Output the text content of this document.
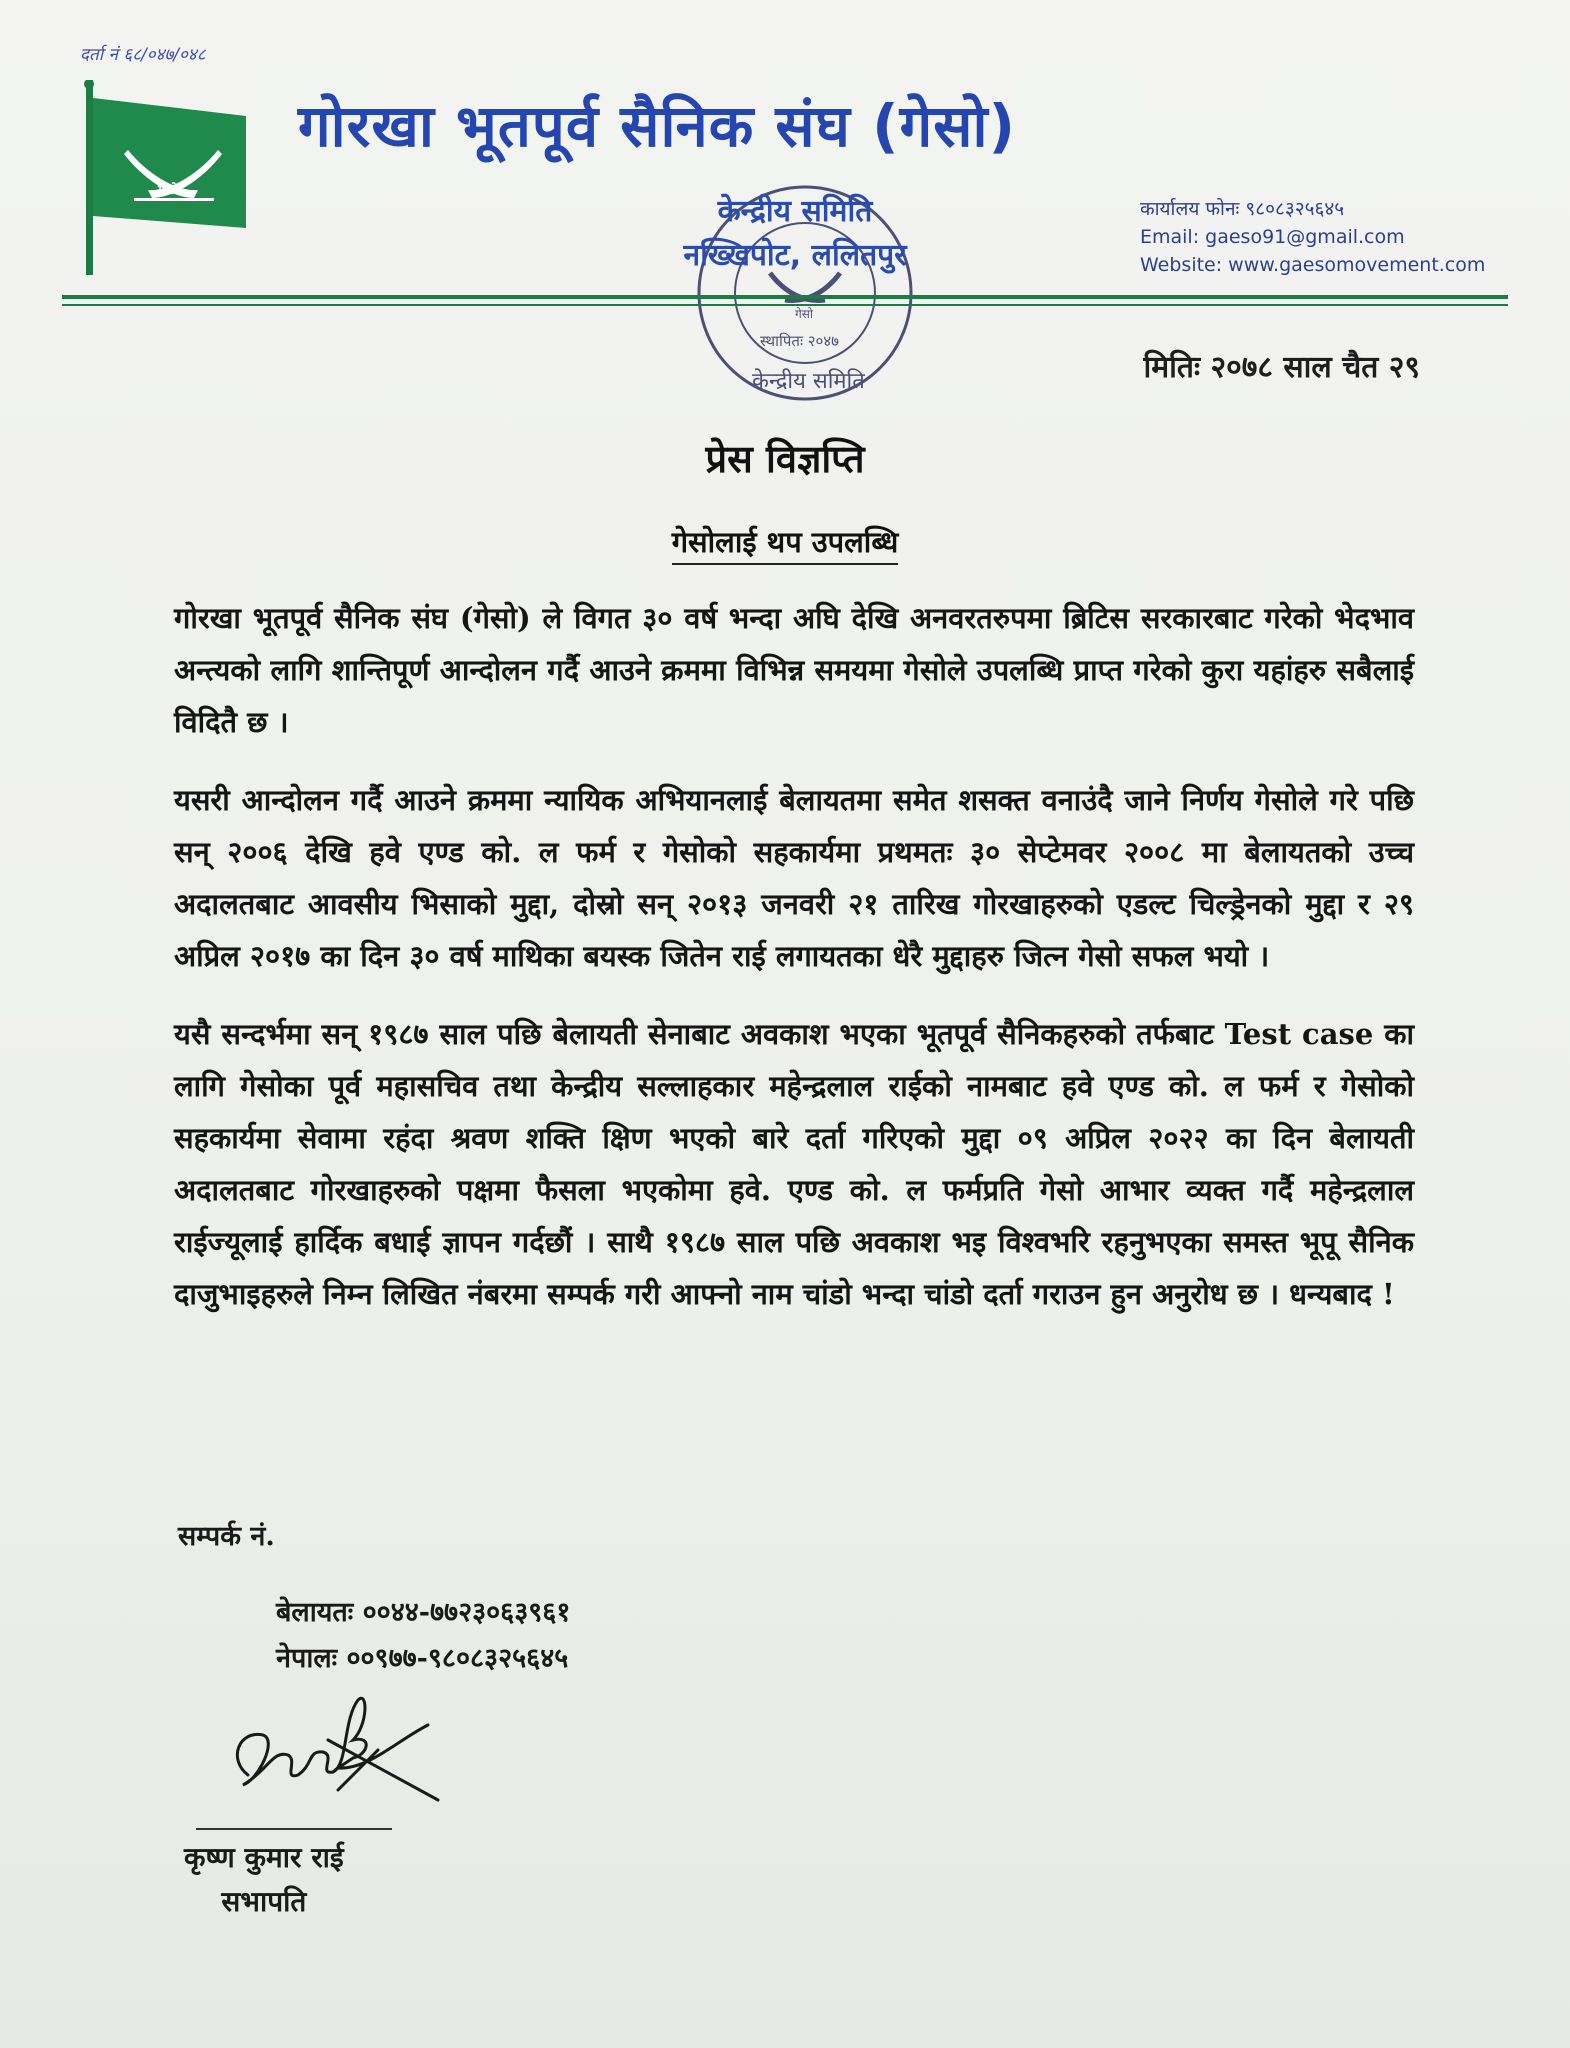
दर्ता नं ६८/०४७/०४८
गेसो
गोरखा भूतपूर्व सैनिक संघ (गेसो)
गेसो
स्थापितः २०४७
केन्द्रीय समिति
केन्द्रीय समिति
नख्खिपोट, ललितपुर
कार्यालय फोनः ९८०८३२५६४५
Email: gaeso91@gmail.com
Website: www.gaesomovement.com
मितिः २०७८ साल चैत २९
प्रेस विज्ञप्ति
गेसोलाई थप उपलब्धि

गोरखा भूतपूर्व सैनिक संघ (गेसो) ले विगत ३० वर्ष भन्दा अघि देखि अनवरतरुपमा ब्रिटिस सरकारबाट गरेको भेदभाव अन्त्यको लागि शान्तिपूर्ण आन्दोलन गर्दै आउने क्रममा विभिन्न समयमा गेसोले उपलब्धि प्राप्त गरेको कुरा यहांहरु सबैलाई विदितै छ ।

यसरी आन्दोलन गर्दै आउने क्रममा न्यायिक अभियानलाई बेलायतमा समेत शसक्त वनाउंदै जाने निर्णय गेसोले गरे पछि सन् २००६ देखि हवे एण्ड को. ल फर्म र गेसोको सहकार्यमा प्रथमतः ३० सेप्टेमवर २००८ मा बेलायतको उच्च अदालतबाट आवसीय भिसाको मुद्दा, दोस्रो सन् २०१३ जनवरी २१ तारिख गोरखाहरुको एडल्ट चिल्ड्रेनको मुद्दा र २९ अप्रिल २०१७ का दिन ३० वर्ष माथिका बयस्क जितेन राई लगायतका धेरै मुद्दाहरु जित्न गेसो सफल भयो ।

यसै सन्दर्भमा सन् १९८७ साल पछि बेलायती सेनाबाट अवकाश भएका भूतपूर्व सैनिकहरुको तर्फबाट Test case का लागि गेसोका पूर्व महासचिव तथा केन्द्रीय सल्लाहकार महेन्द्रलाल राईको नामबाट हवे एण्ड को. ल फर्म र गेसोको सहकार्यमा सेवामा रहंदा श्रवण शक्ति क्षिण भएको बारे दर्ता गरिएको मुद्दा ०९ अप्रिल २०२२ का दिन बेलायती अदालतबाट गोरखाहरुको पक्षमा फैसला भएकोमा हवे. एण्ड को. ल फर्मप्रति गेसो आभार व्यक्त गर्दै महेन्द्रलाल राईज्यूलाई हार्दिक बधाई ज्ञापन गर्दछौं । साथै १९८७ साल पछि अवकाश भइ विश्वभरि रहनुभएका समस्त भूपू सैनिक दाजुभाइहरुले निम्न लिखित नंबरमा सम्पर्क गरी आफ्नो नाम चांडो भन्दा चांडो दर्ता गराउन हुन अनुरोध छ । धन्यबाद !

सम्पर्क नं.
बेलायतः ००४४-७७२३०६३९६१
नेपालः ००९७७-९८०८३२५६४५
कृष्ण कुमार राई
सभापति
